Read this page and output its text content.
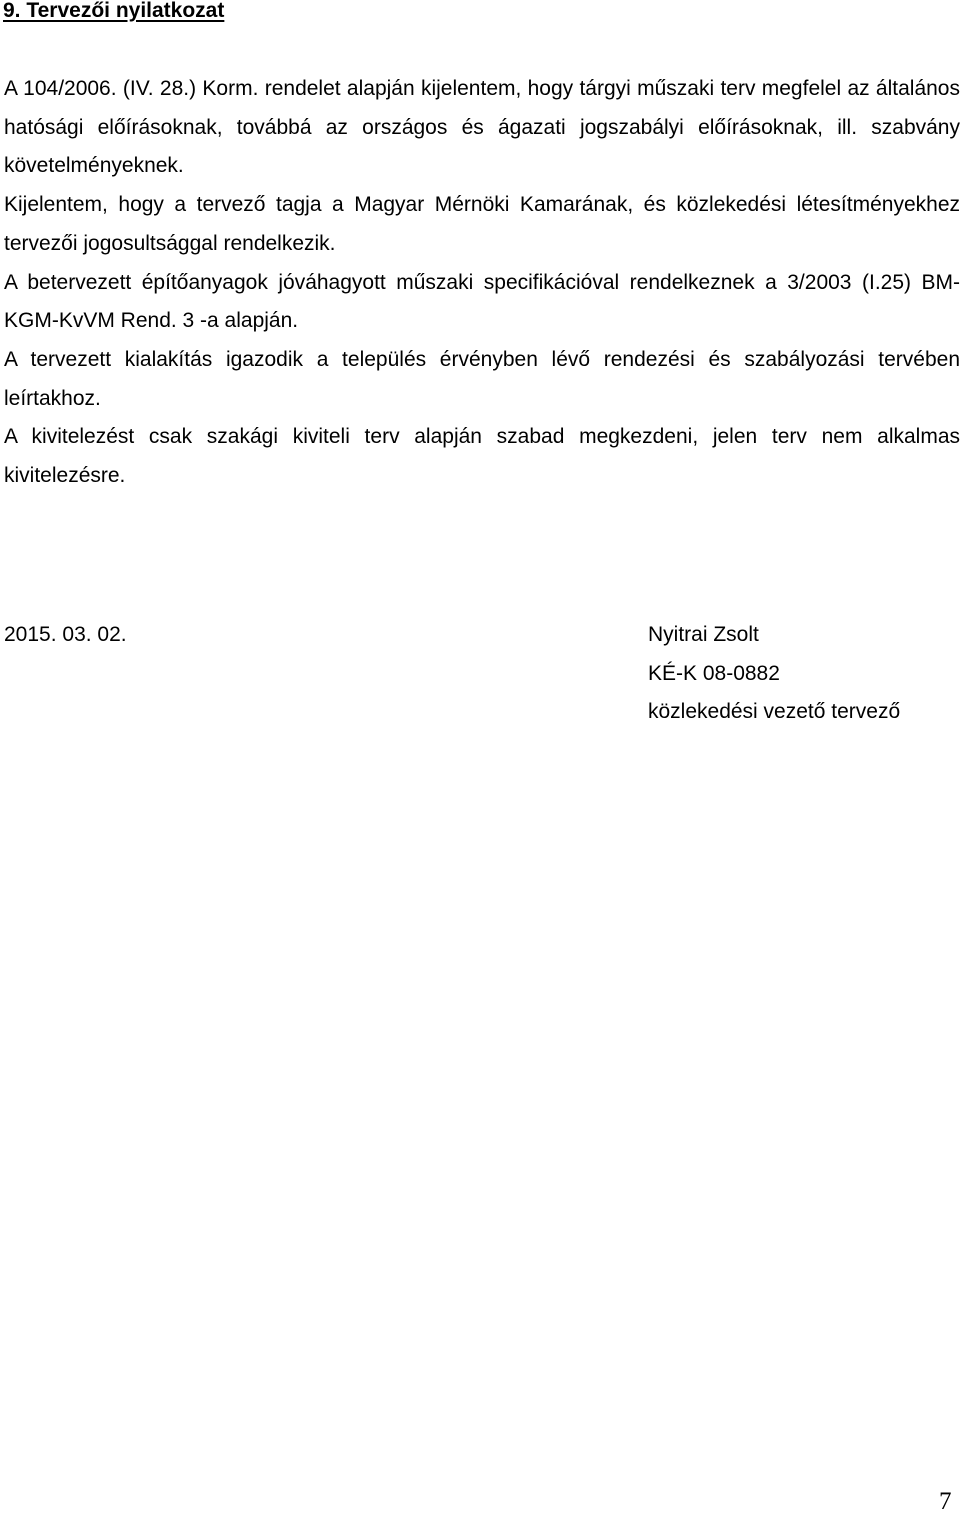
9. Tervezői nyilatkozat

A 104/2006. (IV. 28.) Korm. rendelet alapján kijelentem, hogy tárgyi műszaki terv megfelel az általános hatósági előírásoknak, továbbá az országos és ágazati jogszabályi előírásoknak, ill. szabvány követelményeknek.

Kijelentem, hogy a tervező tagja a Magyar Mérnöki Kamarának, és közlekedési létesítményekhez tervezői jogosultsággal rendelkezik.

A betervezett építőanyagok jóváhagyott műszaki specifikációval rendelkeznek a 3/2003 (I.25) BM-KGM-KvVM Rend. 3 -a alapján.

A tervezett kialakítás igazodik a település érvényben lévő rendezési és szabályozási tervében leírtakhoz.

A kivitelezést csak szakági kiviteli terv alapján szabad megkezdeni, jelen terv nem alkalmas kivitelezésre.

2015. 03. 02.	Nyitrai Zsolt
KÉ-K 08-0882
közlekedési vezető tervező
7
